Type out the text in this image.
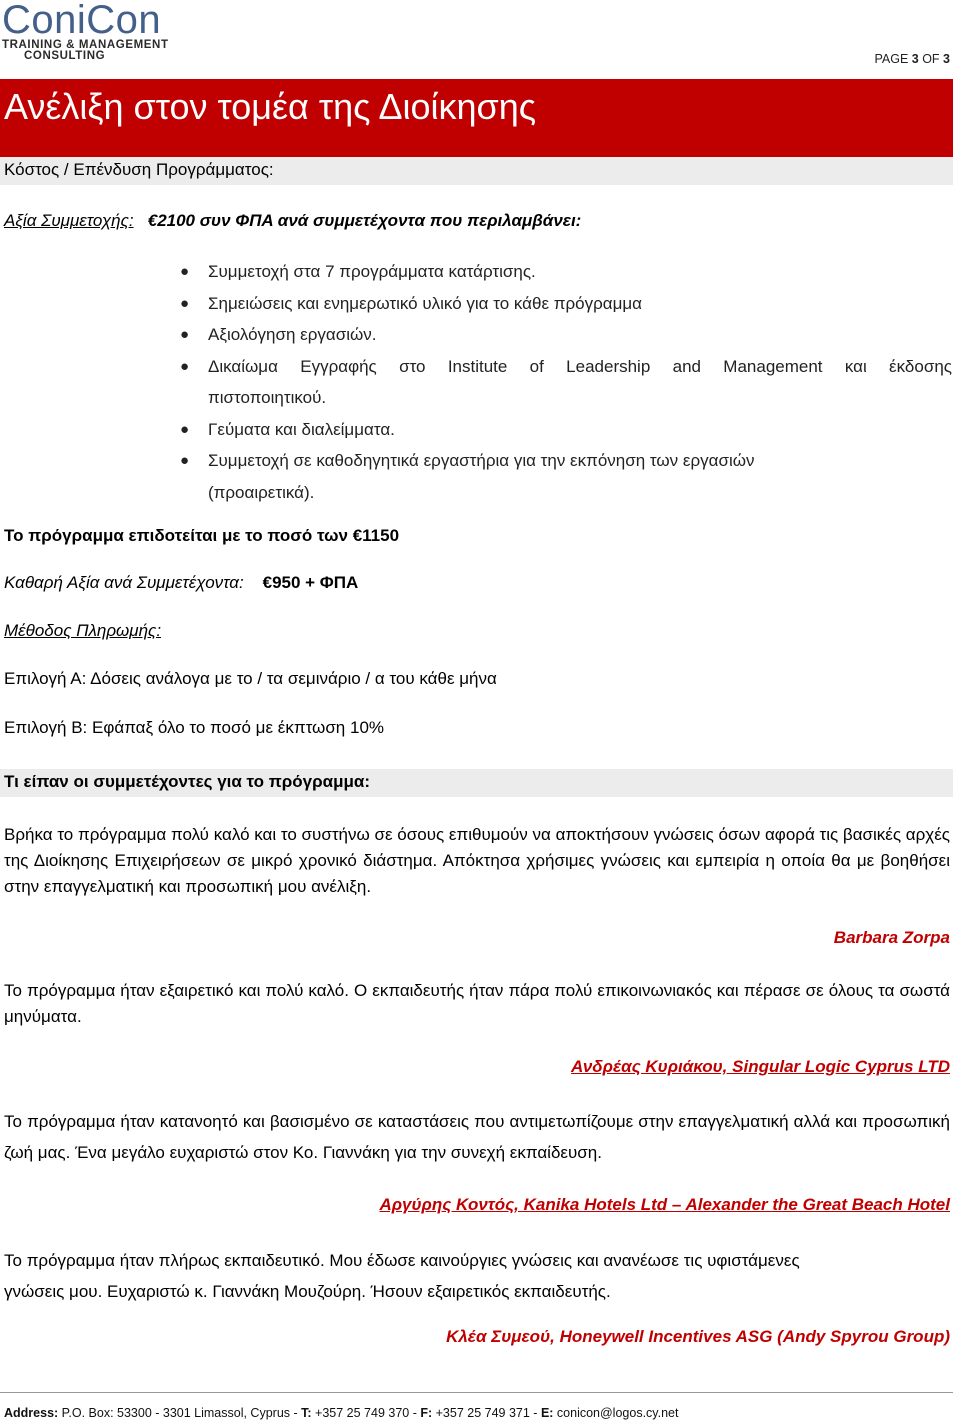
ConiCon
TRAINING & MANAGEMENT
CONSULTING	PAGE 3 OF 3
Ανέλιξη στον τομέα της Διοίκησης
Κόστος / Επένδυση Προγράμματος:
Αξία Συμμετοχής: €2100 συν ΦΠΑ ανά συμμετέχοντα που περιλαμβάνει:
● Συμμετοχή στα 7 προγράμματα κατάρτισης.
● Σημειώσεις και ενημερωτικό υλικό για το κάθε πρόγραμμα
● Αξιολόγηση εργασιών.
● Δικαίωμα Εγγραφής στο Institute of Leadership and Management και έκδοσης
πιστοποιητικού.
● Γεύματα και διαλείμματα.
● Συμμετοχή σε καθοδηγητικά εργαστήρια για την εκπόνηση των εργασιών
(προαιρετικά).
Το πρόγραμμα επιδοτείται με το ποσό των €1150
Καθαρή Αξία ανά Συμμετέχοντα: €950 + ΦΠΑ
Μέθοδος Πληρωμής:
Επιλογή Α: Δόσεις ανάλογα με το / τα σεμινάριο / α του κάθε μήνα
Επιλογή Β: Εφάπαξ όλο το ποσό με έκπτωση 10%
Τι είπαν οι συμμετέχοντες για το πρόγραμμα:
Βρήκα το πρόγραμμα πολύ καλό και το συστήνω σε όσους επιθυμούν να αποκτήσουν γνώσεις όσων αφορά τις βασικές αρχές της Διοίκησης Επιχειρήσεων σε μικρό χρονικό διάστημα. Απόκτησα χρήσιμες γνώσεις και εμπειρία η οποία θα με βοηθήσει στην επαγγελματική και προσωπική μου ανέλιξη.
Barbara Zorpa
Το πρόγραμμα ήταν εξαιρετικό και πολύ καλό. Ο εκπαιδευτής ήταν πάρα πολύ επικοινωνιακός και πέρασε σε όλους τα σωστά μηνύματα.
Ανδρέας Κυριάκου, Singular Logic Cyprus LTD
Το πρόγραμμα ήταν κατανοητό και βασισμένο σε καταστάσεις που αντιμετωπίζουμε στην επαγγελματική αλλά και προσωπική ζωή μας. Ένα μεγάλο ευχαριστώ στον Κο. Γιαννάκη για την συνεχή εκπαίδευση.
Αργύρης Κοντός, Kanika Hotels Ltd – Alexander the Great Beach Hotel
Το πρόγραμμα ήταν πλήρως εκπαιδευτικό. Μου έδωσε καινούργιες γνώσεις και ανανέωσε τις υφιστάμενες γνώσεις μου. Ευχαριστώ κ. Γιαννάκη Μουζούρη. Ήσουν εξαιρετικός εκπαιδευτής.
Κλέα Συμεού, Honeywell Incentives ASG (Andy Spyrou Group)
Address: P.O. Box: 53300 - 3301 Limassol, Cyprus - T: +357 25 749 370 - F: +357 25 749 371 - E: conicon@logos.cy.net
